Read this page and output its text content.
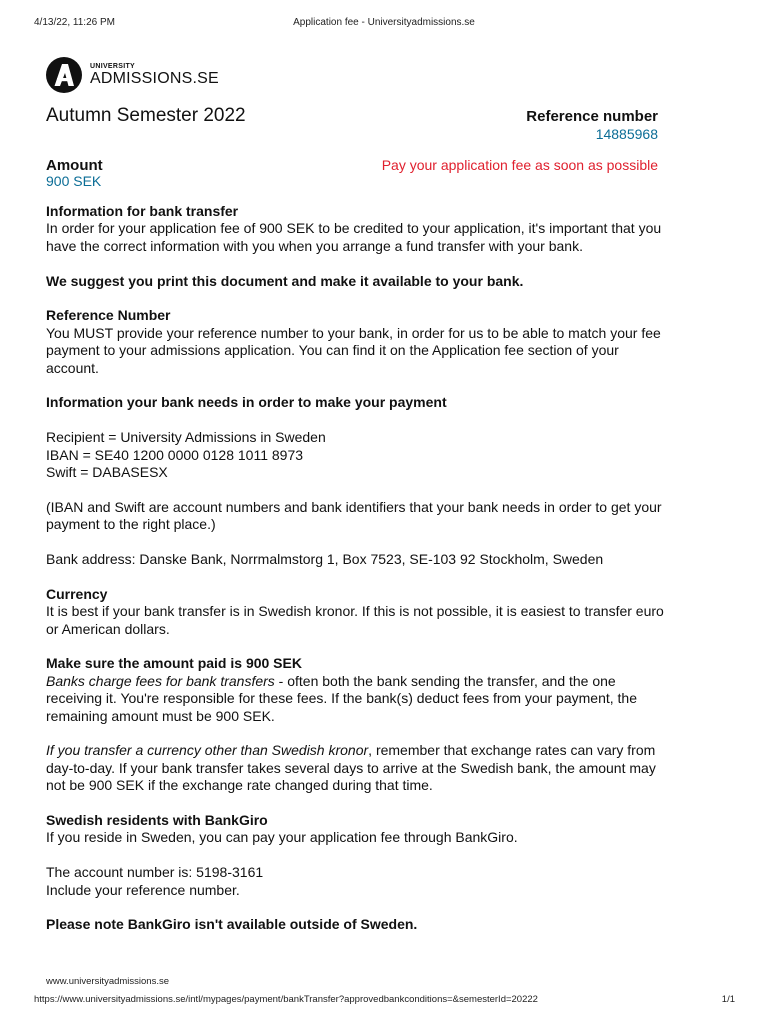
4/13/22, 11:26 PM	Application fee - Universityadmissions.se
UNIVERSITY
ADMISSIONS.SE
Autumn Semester 2022	Reference number
14885968
Amount
900 SEK
Pay your application fee as soon as possible

Information for bank transfer
In order for your application fee of 900 SEK to be credited to your application, it's important that you have the correct information with you when you arrange a fund transfer with your bank.

We suggest you print this document and make it available to your bank.

Reference Number
You MUST provide your reference number to your bank, in order for us to be able to match your fee payment to your admissions application. You can find it on the Application fee section of your account.

Information your bank needs in order to make your payment

Recipient = University Admissions in Sweden
IBAN = SE40 1200 0000 0128 1011 8973
Swift = DABASESX

(IBAN and Swift are account numbers and bank identifiers that your bank needs in order to get your payment to the right place.)

Bank address: Danske Bank, Norrmalmstorg 1, Box 7523, SE-103 92 Stockholm, Sweden

Currency
It is best if your bank transfer is in Swedish kronor. If this is not possible, it is easiest to transfer euro or American dollars.

Make sure the amount paid is 900 SEK
Banks charge fees for bank transfers - often both the bank sending the transfer, and the one receiving it. You're responsible for these fees. If the bank(s) deduct fees from your payment, the remaining amount must be 900 SEK.

If you transfer a currency other than Swedish kronor, remember that exchange rates can vary from day-to-day. If your bank transfer takes several days to arrive at the Swedish bank, the amount may not be 900 SEK if the exchange rate changed during that time.

Swedish residents with BankGiro
If you reside in Sweden, you can pay your application fee through BankGiro.

The account number is: 5198-3161
Include your reference number.

Please note BankGiro isn't available outside of Sweden.

www.universityadmissions.se
https://www.universityadmissions.se/intl/mypages/payment/bankTransfer?approvedbankconditions=&semesterId=20222	1/1
